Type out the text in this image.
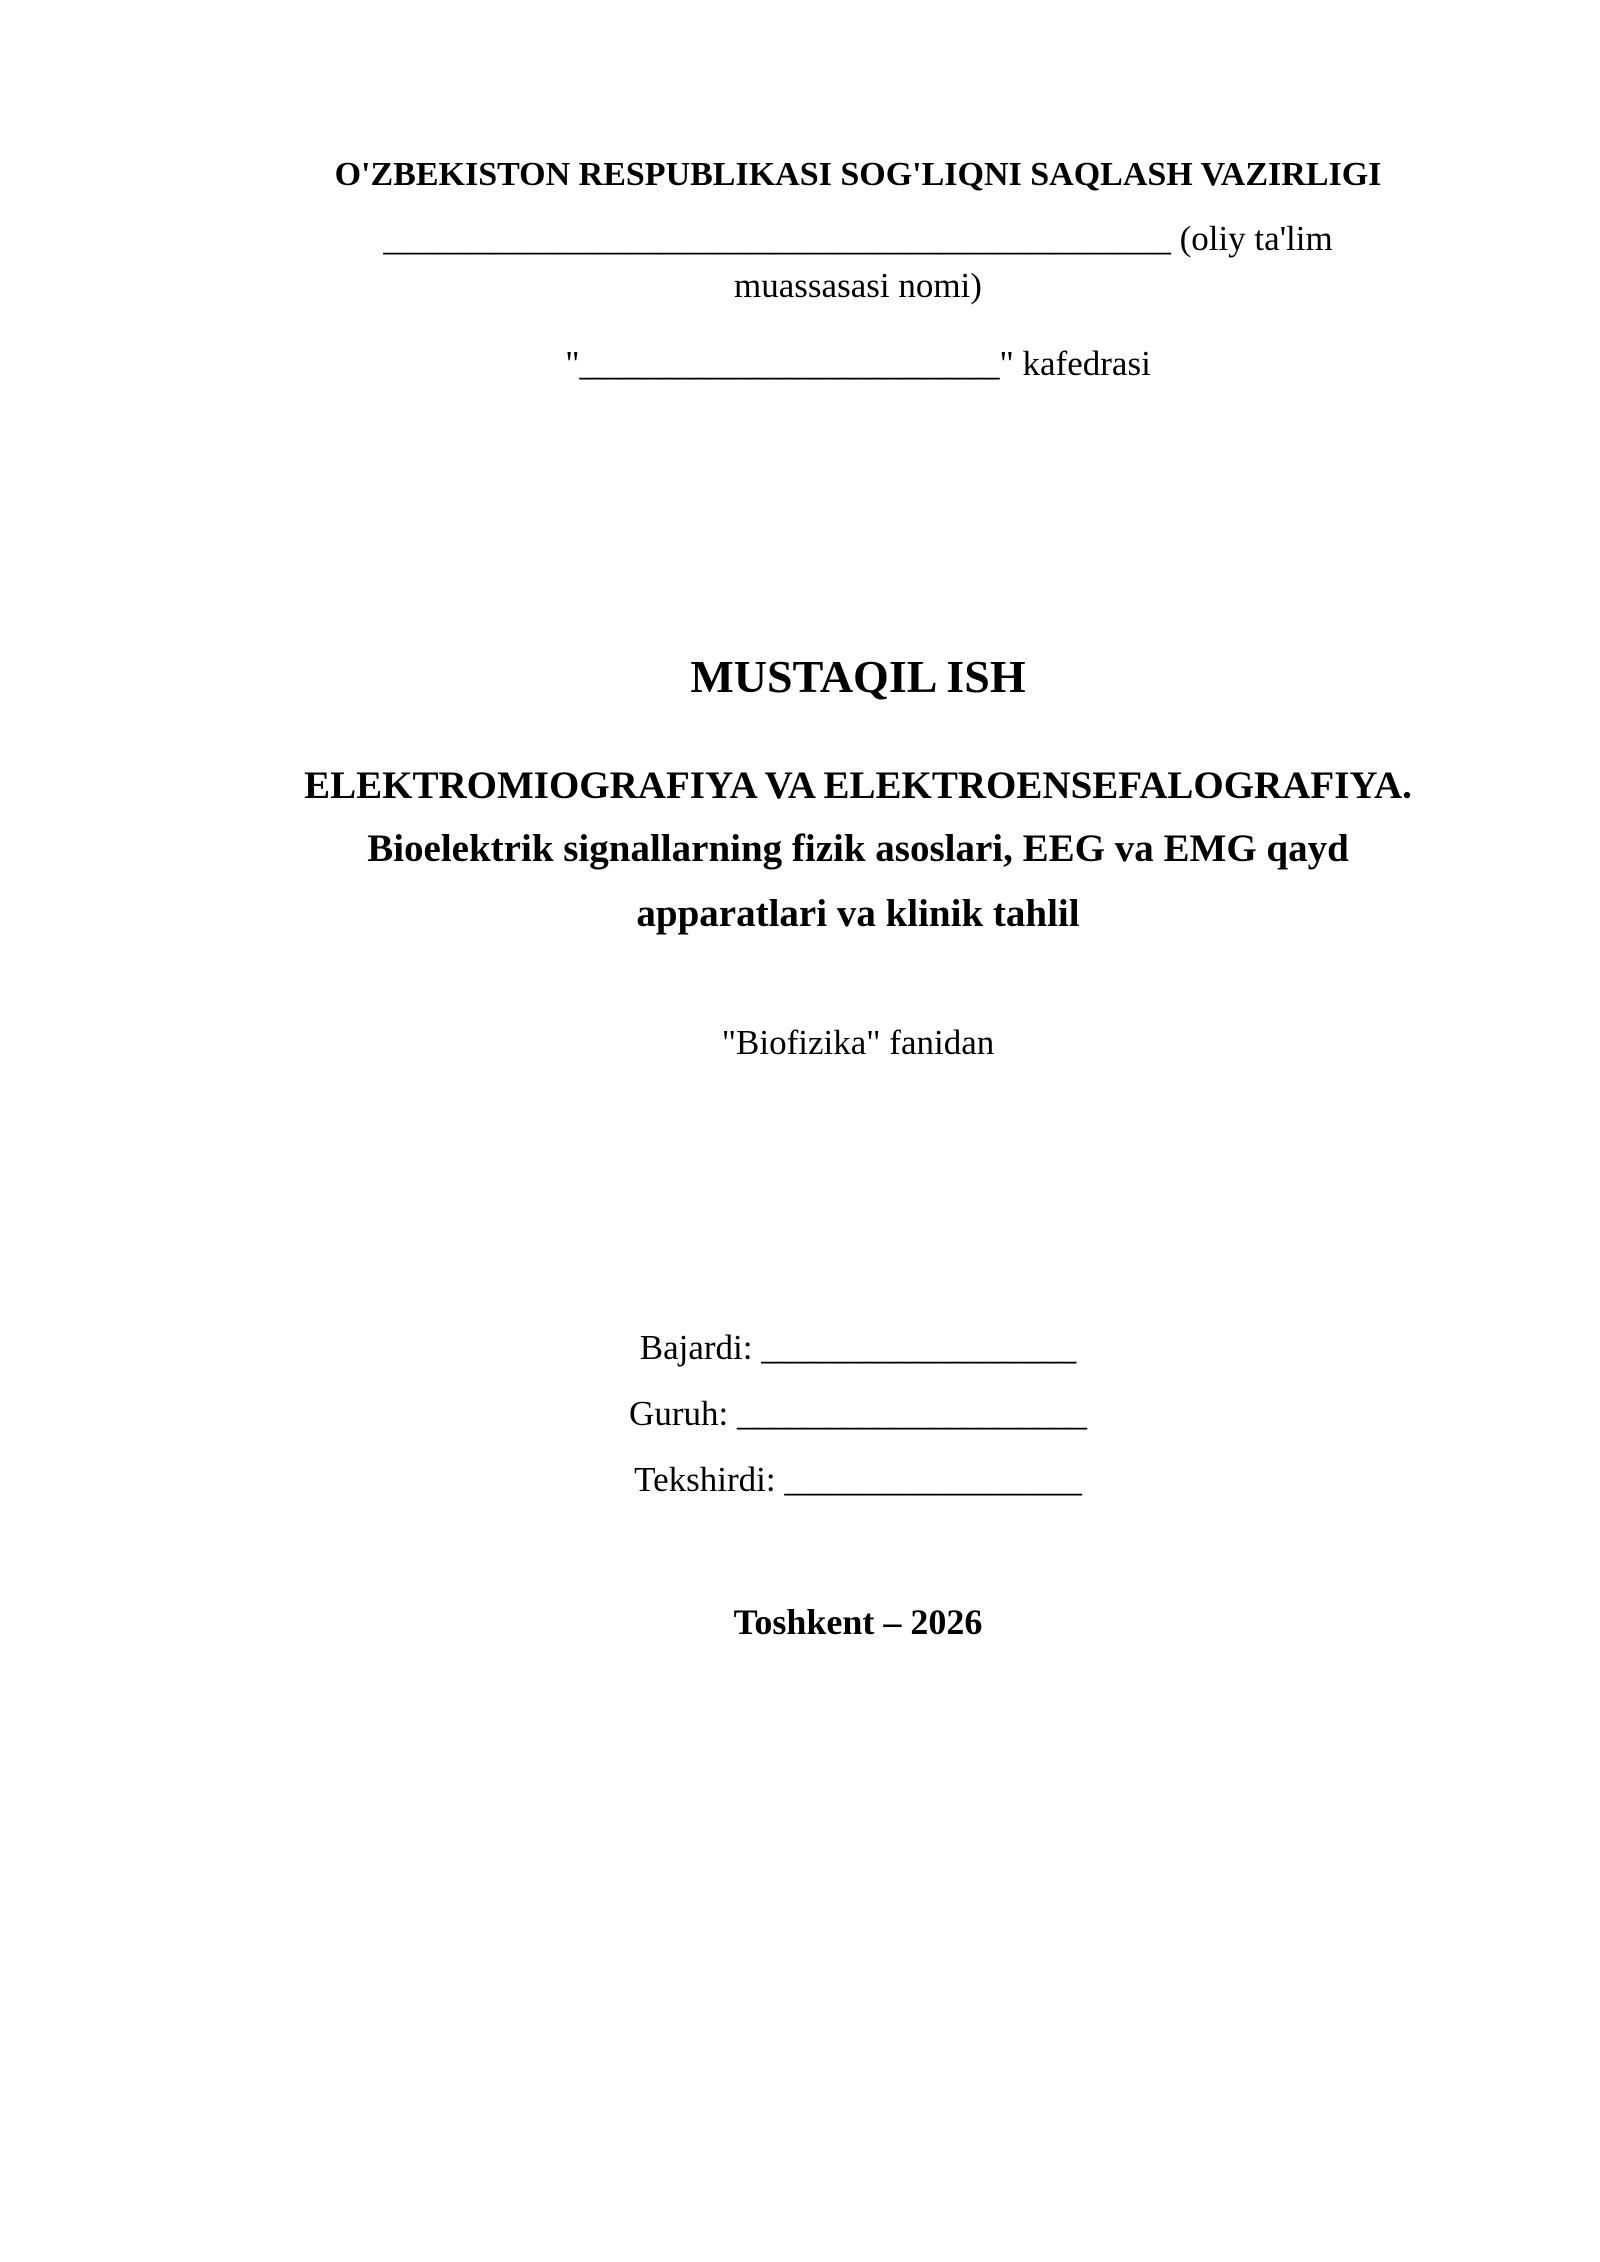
O'ZBEKISTON RESPUBLIKASI SOG'LIQNI SAQLASH VAZIRLIGI
_____________________________________________ (oliy ta'lim
muassasasi nomi)
"________________________" kafedrasi
MUSTAQIL ISH
ELEKTROMIOGRAFIYA VA ELEKTROENSEFALOGRAFIYA.
Bioelektrik signallarning fizik asoslari, EEG va EMG qayd
apparatlari va klinik tahlil
"Biofizika" fanidan
Bajardi: __________________
Guruh: ____________________
Tekshirdi: _________________
Toshkent – 2026
